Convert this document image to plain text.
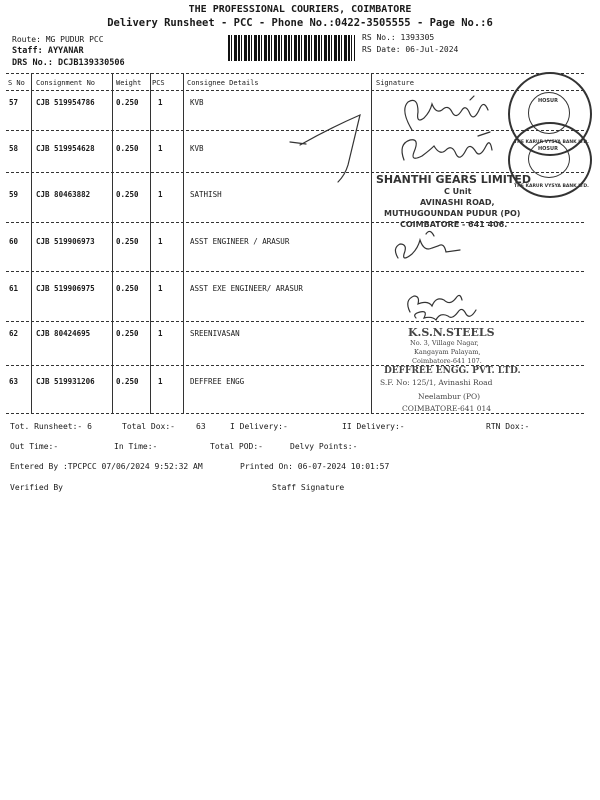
THE PROFESSIONAL COURIERS, COIMBATORE
Delivery Runsheet - PCC - Phone No.:0422-3505555 - Page No.:6
Route: MG PUDUR PCC
Staff: AYYANAR
DRS No.: DCJB139330506
RS No.: 1393305
RS Date: 06-Jul-2024
S No Consignment No	Weight PCS	Consignee Details	Signature
57 CJB 519954786	0.250	1	KVB
58 CJB 519954628	0.250	1	KVB
59 CJB 80463882	0.250	1	SATHISH
60 CJB 519906973	0.250	1	ASST ENGINEER / ARASUR
61 CJB 519906975	0.250	1	ASST EXE ENGINEER/ ARASUR
62 CJB 80424695	0.250	1	SREENIVASAN
63 CJB 519931206	0.250	1	DEFFREE ENGG
HOSUR
THE KARUR VYSYA BANK LTD.
HOSUR
THE KARUR VYSYA BANK LTD.
SHANTHI GEARS LIMITED
C Unit
AVINASHI ROAD,
MUTHUGOUNDAN PUDUR (PO)
COIMBATORE - 641 406.
K.S.N.STEELS
No. 3, Village Nagar,
Kangayam Palayam,
Coimbatore-641 107.
DEFFREE ENGG. PVT. LTD.
S.F. No: 125/1, Avinashi Road
Neelambur (PO)
COIMBATORE-641 014
Tot. Runsheet:- 6	Total Dox:-	63	I Delivery:-	II Delivery:-	RTN Dox:-
Out Time:-	In Time:-	Total POD:-	Delvy Points:-
Entered By :TPCPCC 07/06/2024 9:52:32 AM	Printed On: 06-07-2024 10:01:57
Verified By	Staff Signature
